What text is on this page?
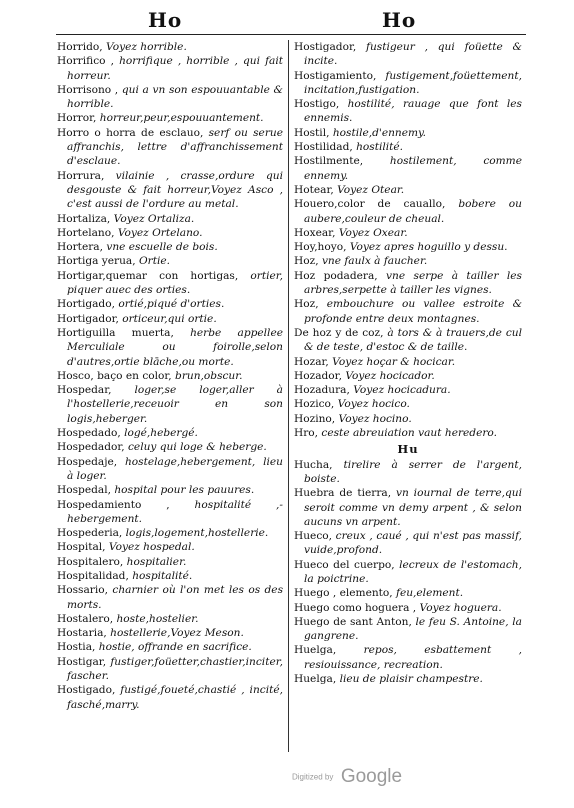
Ho	Ho

Horrido, Voyez horrible.

Horrifico , horrifique , horrible , qui fait horreur.

Horrisono , qui a vn son espouuantable & horrible.

Horror, horreur,peur,espouuantement.

Horro o horra de esclauo, serf ou serue affranchis, lettre d'affranchissement d'esclaue.

Horrura, vilainie , crasse,ordure qui desgouste & fait horreur,Voyez Asco , c'est aussi de l'ordure au metal.

Hortaliza, Voyez Ortaliza.

Hortelano, Voyez Ortelano.

Hortera, vne escuelle de bois.

Hortiga yerua, Ortie.

Hortigar,quemar con hortigas, ortier, piquer auec des orties.

Hortigado, ortié,piqué d'orties.

Hortigador, orticeur,qui ortie.

Hortiguilla muerta, herbe appellee Merculiale ou foirolle,selon d'autres,ortie blāche,ou morte.

Hosco, baço en color, brun,obscur.

Hospedar, loger,se loger,aller à l'hostellerie,receuoir en son logis,heberger.

Hospedado, logé,hebergé.

Hospedador, celuy qui loge & heberge.

Hospedaje, hostelage,hebergement, lieu à loger.

Hospedal, hospital pour les pauures.

Hospedamiento , hospitalité ,-hebergement.

Hospederia, logis,logement,hostellerie.

Hospital, Voyez hospedal.

Hospitalero, hospitalier.

Hospitalidad, hospitalité.

Hossario, charnier où l'on met les os des morts.

Hostalero, hoste,hostelier.

Hostaria, hostellerie,Voyez Meson.

Hostia, hostie, offrande en sacrifice.

Hostigar, fustiger,foüetter,chastier,inciter, fascher.

Hostigado, fustigé,foueté,chastié , incité, fasché,marry.

Hostigador, fustigeur , qui foüette & incite.

Hostigamiento, fustigement,foüettement, incitation,fustigation.

Hostigo, hostilité, rauage que font les ennemis.

Hostil, hostile,d'ennemy.

Hostilidad, hostilité.

Hostilmente, hostilement, comme ennemy.

Hotear, Voyez Otear.

Houero,color de cauallo, bobere ou aubere,couleur de cheual.

Hoxear, Voyez Oxear.

Hoy,hoyo, Voyez apres hoguillo y dessu.

Hoz, vne faulx à faucher.

Hoz podadera, vne serpe à tailler les arbres,serpette à tailler les vignes.

Hoz, embouchure ou vallee estroite & profonde entre deux montagnes.

De hoz y de coz, à tors & à trauers,de cul & de teste, d'estoc & de taille.

Hozar, Voyez hoçar & hocicar.

Hozador, Voyez hocicador.

Hozadura, Voyez hocicadura.

Hozico, Voyez hocico.

Hozino, Voyez hocino.

Hro, ceste abreuiation vaut heredero.

Hu

Hucha, tirelire à serrer de l'argent, boiste.

Huebra de tierra, vn iournal de terre,qui seroit comme vn demy arpent , & selon aucuns vn arpent.

Hueco, creux , caué , qui n'est pas massif, vuide,profond.

Hueco del cuerpo, lecreux de l'estomach, la poictrine.

Huego , elemento, feu,element.

Huego como hoguera , Voyez hoguera.

Huego de sant Anton, le feu S. Antoine, la gangrene.

Huelga, repos, esbattement , resiouissance, recreation.

Huelga, lieu de plaisir champestre.

Digitized by Google
